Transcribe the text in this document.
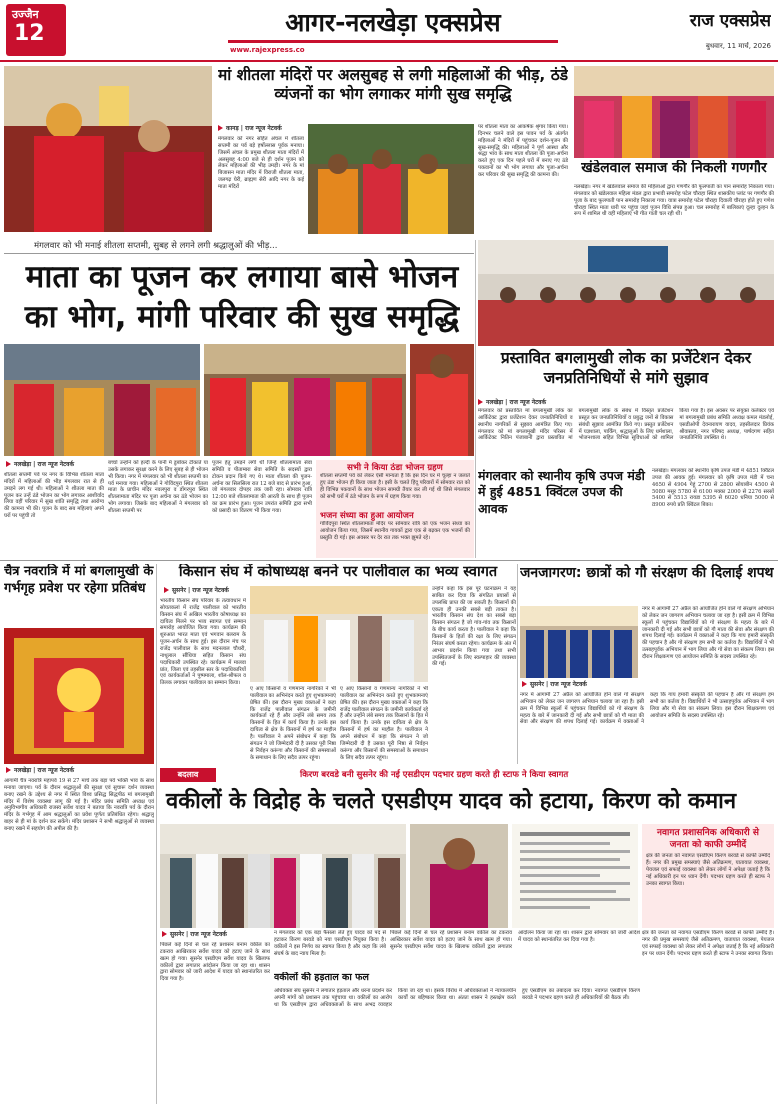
उज्जैन
12	आगर-नलखेड़ा एक्सप्रेस
www.rajexpress.co
राज एक्सप्रेस
बुधवार, 11 मार्च, 2026
मां शीतला मंदिरों पर अलसुबह से लगी महिलाओं की भीड़, ठंडे व्यंजनों का भोग लगाकर मांगी सुख समृद्धि
कानड़ | राज न्यूज नेटवर्क
मंगलवार को नगर सहित अंचल में शीतला सप्तमी का पर्व बड़े हर्षोल्लास पूर्वक मनाया। जिसमें अंचल के प्रमुख शीतला माता मंदिरों में अलसुबह 4:00 बजे से ही दर्शन पूजन को लेकर महिलाओं की भीड़ उमड़ी। नगर के मां बिजासन माता मंदिर में विराजी शीतला माता, जलगढ़ घेरी, ब्राह्मण सेरी आदि नगर के कई माता मंदिरों
पर शीतला माता का आकर्षक श्रृंगार किया गया। दिनभर चलने वाले इस पावन पर्व के अंतर्गत महिलाओं ने मंदिरों में पहुंचकर दर्शन-पूजन की सुख-समृद्धि की। महिलाओं ने पूर्ण आस्था और श्रद्धा भाव के साथ माता शीतला की पूजा-अर्चना करते हुए एक दिन पहले घरों में बनाए गए ठंडे पकवानों का भी भोग लगाया और पूजा-अर्चना कर परिवार की सुख समृद्धि की कामना की।	खंडेलवाल समाज की निकली गणगौर
नलखेड़ा। नगर में खंडेलवाल समाज की महिलाओं द्वारा गणगौर की फूलपाती का पान समारोह निकाला गया। मंगलवार को खंडेलवाल महिला मंडल द्वारा प्रभावी समारोह पटेल चौराहा स्थित शासकीय प्लांट पर गणगौर की पूजा के बाद फूलपाती पान समारोह निकाला गया। यात्रा समारोह पटेल चौराहा दिवाली चौराहा होते हुए गणेश चौराहा स्थित माता धारी पर पहुंचा जहां पूजन विधि संपन्न हुआ। चल समारोह में बालिकाएं दूल्हा दुल्हन के रूप में शामिल थी वहीं महिलाएं भी गीत गाती चल रही थीं।
मंगलवार को भी मनाई शीतला सप्तमी, सुबह से लगने लगी श्रद्धालुओं की भीड़...
माता का पूजन कर लगाया बासे भोजन का भोग, मांगी परिवार की सुख समृद्धि
नलखेड़ा | राज न्यूज नेटवर्क
शीतला सप्तमी पर्व पर नगर के विभिन्न शीतला माता मंदिरों में महिलाओं की भीड़ मंगलवार रात से ही उमड़ने लग गई थी। महिलाओं ने शीतला माता की पूजन कर उन्हें ठंडे भोजन का भोग लगाकर आशीर्वाद लिया वहीं परिवार में सुख शांति समृद्धि तथा आरोग्य की कामना भी की। पूजन के बाद सब महिलाएं अपने घरों पर पहुंची तो
बच्चों उन्होंने को हल्दी के पानी में डुबोकर टीकाते या उसके लगाकर सुरक्षा करने के लिए सुबह से ही भोजन भी किया। नगर में मंगलवार को भी शीतला सप्तमी का पर्व मनाया गया। महिलाओं ने गोविंदपुरा स्थित शीतला माता के प्राचीन मंदिर नवलपुरा व डोंगरपुरा स्थित शीतलामाता मंदिर पर पूजा अर्चना कर ठंडे भोजन का भोग लगाया। जिसके बाद महिलाओं ने मंगलवार को शीतला सप्तमी पर
पूजन हेतु उमड़ने लगी थीं जिन्हें शीतलामाता सेवा समिति व पीताम्बरा सेवा समिति के सदस्यों द्वारा टोकन प्रदान किये गए थे। माता शीतला की पूजन-अर्चना का सिलसिला रात 12 बजे बाद से प्रारंभ हुआ, जो मंगलवार दोपहर तक जारी रहा। सोमवार रात्रि 12:00 बजे शीतलामाता की आरती के साथ ही पूजन का क्रम प्रारंभ हुआ। पूजन उपरांत समिति द्वारा सभी को प्रसादी का वितरण भी किया गया।
सभी ने किया ठंडा भोजन ग्रहण
शीतला सप्तमी पर्व को लेकर ऐसी मान्यता है कि इस दिन घर में चूल्हा न जलाते हुए ठंडा भोजन ही किया जाता है। इसी के चलते हिंदू परिवारों में सोमवार रात को ही विभिन्न पकवानों के साथ भोजन सामग्री तैयार कर ली गई थी जिसे मंगलवार को सभी घरों में ठंडे भोजन के रूप में ग्रहण किया गया।
भजन संध्या का हुआ आयोजन
गोविंदपुरा स्थित शीतलामाता मंदिर पर सोमवार रात्रि को एक भजन संध्या का आयोजन किया गया, जिसमें स्थानीय गायकों द्वारा एक से बढ़कर एक भजनों की प्रस्तुति दी गई। इस अवसर पर देर रात तक भक्त झूमते रहे।
प्रस्तावित बगलामुखी लोक का प्रजेंटेशन देकर जनप्रतिनिधियों से मांगे सुझाव
नलखेड़ा | राज न्यूज नेटवर्क
मंगलवार को प्रस्तावित मां बगलामुखी लोक का आर्किटेक्ट द्वारा प्रजेंटेशन देकर जनप्रतिनिधियों व स्थानीय नागरिकों से सुझाव आमंत्रित किए गए। मंगलवार को मां बगलामुखी मंदिर परिसर में आर्किटेक्ट नितिन पंजाबानी द्वारा प्रस्तावित मां बगलामुखी लोक के संबंध में विस्तृत प्रजेंटेशन प्रस्तुत कर जनप्रतिनिधियों व प्रबुद्ध जनों से विकास संबंधी सुझाव आमंत्रित किये गए। प्रस्तुत प्रजेंटेशन में यज्ञशाला, पार्किंग, श्रद्धालुओं के लिए धर्मशाला, भोजनशाला सहित विभिन्न सुविधाओं को शामिल किया गया है। इस अवसर पर संयुक्त कलेक्टर एवं मां बगलामुखी प्रबंध समिति अध्यक्ष कमल मंडलोई, एसडीओपी देवनारायण यादव, तहसीलदार प्रियंक श्रीवास्तव, नगर परिषद अध्यक्ष, पार्षदगण सहित जनप्रतिनिधि उपस्थित थे।
मंगलवार को स्थानीय कृषि उपज मंडी में हुई 4851 क्विंटल उपज की आवक
नलखेड़ा। मंगलवार को स्थानीय कृषि उपज मंडी में 4851 क्विंटल उपज की आवक हुई। मंगलवार को कृषि उपज मंडी में चना 4650 से 4904 गेहूं 2700 से 2800 सोयाबीन 4500 से 5080 मसूर 5780 से 6100 मक्का 2000 से 2276 सरसों 5400 से 5513 रायडा 5395 से 6020 धनिया 5000 से 8900 रुपये प्रति क्विंटल बिका।
चैत्र नवरात्रि में मां बगलामुखी के गर्भगृह प्रवेश पर रहेगा प्रतिबंध
नलखेड़ा | राज न्यूज नेटवर्क
आगामी चैत्र नवरात्रि महापर्व 19 से 27 मार्च तक बड़ा पर्व भक्ति भाव के साथ मनाया जाएगा। पर्व के दौरान श्रद्धालुओं की सुरक्षा एवं सुचारू दर्शन व्यवस्था बनाए रखने के उद्देश्य से नगर में स्थित विश्व प्रसिद्ध सिद्धपीठ मां बगलामुखी मंदिर में विशेष व्यवस्था लागू की गई है। मंदिर प्रबंध समिति अध्यक्ष एवं अनुविभागीय अधिकारी राजस्व सर्वेश यादव ने बताया कि नवरात्रि पर्व के दौरान मंदिर के गर्भगृह में आम श्रद्धालुओं का प्रवेश पूर्णतः प्रतिबंधित रहेगा। श्रद्धालु बाहर से ही मां के दर्शन कर सकेंगे। मंदिर प्रशासन ने सभी श्रद्धालुओं से व्यवस्था बनाए रखने में सहयोग की अपील की है।
किसान संघ में कोषाध्यक्ष बनने पर पालीवाल का भव्य स्वागत
सुसनेर | राज न्यूज नेटवर्क
भारतीय किसान संघ परिवार के तत्वावधान में सोयतकलां में राजेंद्र पालीवाल को भारतीय किसान संघ में अखिल भारतीय कोषाध्यक्ष का दायित्व मिलने पर भव्य स्वागत एवं सम्मान समारोह आयोजित किया गया। कार्यक्रम की शुरुआत भारत माता एवं भगवान बलराम के पूजन-अर्चन के साथ हुई। इस दौरान मंच पर राजेंद्र पालीवाल के साथ मदनलाल चौधरी, नाथूलाल सौंधिया सहित किसान संघ पदाधिकारी उपस्थित रहे। कार्यक्रम में मालवा प्रांत, जिला एवं तहसील स्तर के पदाधिकारियों एवं कार्यकर्ताओं ने पुष्पमाला, शॉल-श्रीफल व तिलक लगाकर पालीवाल का सम्मान किया।
ए आए किसानों व गणमान्य नागरिकों ने भी पालीवाल का अभिनंदन करते हुए शुभकामनाएं प्रेषित कीं। इस दौरान मुख्य वक्ताओं ने कहा कि राजेंद्र पालीवाल संगठन के जमीनी कार्यकर्ता रहे हैं और उन्होंने लंबे समय तक किसानों के हित में कार्य किया है। उनके इस दायित्व से क्षेत्र के किसानों में हर्ष का माहौल है। पालीवाल ने अपने संबोधन में कहा कि संगठन ने जो जिम्मेदारी दी है उसका पूरी निष्ठा से निर्वहन करूंगा और किसानों की समस्याओं के समाधान के लिए सदैव तत्पर रहूंगा।
ए आए किसानों व गणमान्य नागरिकों ने भी पालीवाल का अभिनंदन करते हुए शुभकामनाएं प्रेषित कीं। इस दौरान मुख्य वक्ताओं ने कहा कि राजेंद्र पालीवाल संगठन के जमीनी कार्यकर्ता रहे हैं और उन्होंने लंबे समय तक किसानों के हित में कार्य किया है। उनके इस दायित्व से क्षेत्र के किसानों में हर्ष का माहौल है। पालीवाल ने अपने संबोधन में कहा कि संगठन ने जो जिम्मेदारी दी है उसका पूरी निष्ठा से निर्वहन करूंगा और किसानों की समस्याओं के समाधान के लिए सदैव तत्पर रहूंगा।
उन्होंने कहा कि इस पूरे घटनाक्रम ने यह साबित कर दिया कि संगठित प्रयासों से उपलब्धि प्राप्त की जा सकती है। किसानों की एकता ही उनकी सबसे बड़ी ताकत है। भारतीय किसान संघ देश का सबसे बड़ा किसान संगठन है जो गांव-गांव तक किसानों के बीच कार्य करता है। पालीवाल ने कहा कि किसानों के हितों की रक्षा के लिए संगठन निरंतर संघर्ष करता रहेगा। कार्यक्रम के अंत में आभार प्रदर्शन किया गया तथा सभी उपस्थितजनों के लिए स्वल्पाहार की व्यवस्था की गई।
जनजागरण: छात्रों को गौ संरक्षण की दिलाई शपथ
सुसनेर | राज न्यूज नेटवर्क
नगर में आगामी 27 अप्रैल को आयोजित होने वाले गो संरक्षण अभियान को लेकर जन जागरण अभियान चलाया जा रहा है। इसी क्रम में विभिन्न स्कूलों में पहुंचकर विद्यार्थियों को गो संरक्षण के महत्व के बारे में जानकारी दी गई और सभी छात्रों को गौ माता की सेवा और संरक्षण की शपथ दिलाई गई। कार्यक्रम में वक्ताओं ने कहा कि गाय हमारी संस्कृति की पहचान है और गो संरक्षण हम सभी का कर्तव्य है। विद्यार्थियों ने भी उत्साहपूर्वक अभियान में भाग लिया और गो सेवा का संकल्प लिया। इस दौरान शिक्षकगण एवं आयोजन समिति के सदस्य उपस्थित रहे।
नगर में आगामी 27 अप्रैल को आयोजित होने वाले गो संरक्षण अभियान को लेकर जन जागरण अभियान चलाया जा रहा है। इसी क्रम में विभिन्न स्कूलों में पहुंचकर विद्यार्थियों को गो संरक्षण के महत्व के बारे में जानकारी दी गई और सभी छात्रों को गौ माता की सेवा और संरक्षण की शपथ दिलाई गई। कार्यक्रम में वक्ताओं ने कहा कि गाय हमारी संस्कृति की पहचान है और गो संरक्षण हम सभी का कर्तव्य है। विद्यार्थियों ने भी उत्साहपूर्वक अभियान में भाग लिया और गो सेवा का संकल्प लिया। इस दौरान शिक्षकगण एवं आयोजन समिति के सदस्य उपस्थित रहे।
बदलाव	किरण बरवडे बनी सुसनेर की नई एसडीएम पदभार ग्रहण करते ही स्टाफ ने किया स्वागत
वकीलों के विद्रोह के चलते एसडीएम यादव को हटाया, किरण को कमान
नवागत प्रशासनिक अधिकारी से जनता को काफी उम्मीदें
क्षेत्र की जनता को नवागत एसडीएम किरण बरवडे से काफी उम्मीदें हैं। नगर की प्रमुख समस्याएं जैसे अतिक्रमण, यातायात व्यवस्था, पेयजल एवं सफाई व्यवस्था को लेकर लोगों ने अपेक्षा जताई है कि नई अधिकारी इन पर ध्यान देंगी। पदभार ग्रहण करते ही स्टाफ ने उनका स्वागत किया।
सुसनेर | राज न्यूज नेटवर्क
पिछले कई दिनों से चल रहे प्रशासन बनाम वकील का टकराव आखिरकार सर्वेश यादव को हटाए जाने के साथ खत्म हो गया। सुसनेर एसडीएम सर्वेश यादव के खिलाफ वकीलों द्वारा लगातार आंदोलन किया जा रहा था। शासन द्वारा सोमवार को जारी आदेश में यादव को स्थानांतरित कर दिया गया है।
न मंगलवार को एक बड़ा फैसला लेते हुए यादव को पद से हटाकर किरण बरवडे को नया एसडीएम नियुक्त किया है। वकीलों ने इस निर्णय का स्वागत किया है और कहा कि लंबे संघर्ष के बाद न्याय मिला है।
वकीलों की हड़ताल का फल
अधिवक्ता संघ सुसनेर ने लगातार हड़ताल और धरना प्रदर्शन कर अपनी मांगों को प्रशासन तक पहुंचाया था। वकीलों का आरोप था कि एसडीएम द्वारा अधिवक्ताओं के साथ अभद्र व्यवहार किया जा रहा था। इसके विरोध में अधिवक्ताओं ने न्यायालयीन कार्यों का बहिष्कार किया था। अंततः शासन ने हस्तक्षेप करते हुए एसडीएम का तबादला कर दिया। नवागत एसडीएम किरण बरवडे ने पदभार ग्रहण करते ही अधिकारियों की बैठक ली।
पिछले कई दिनों से चल रहे प्रशासन बनाम वकील का टकराव आखिरकार सर्वेश यादव को हटाए जाने के साथ खत्म हो गया। सुसनेर एसडीएम सर्वेश यादव के खिलाफ वकीलों द्वारा लगातार आंदोलन किया जा रहा था। शासन द्वारा सोमवार को जारी आदेश में यादव को स्थानांतरित कर दिया गया है।
क्षेत्र की जनता को नवागत एसडीएम किरण बरवडे से काफी उम्मीदें हैं। नगर की प्रमुख समस्याएं जैसे अतिक्रमण, यातायात व्यवस्था, पेयजल एवं सफाई व्यवस्था को लेकर लोगों ने अपेक्षा जताई है कि नई अधिकारी इन पर ध्यान देंगी। पदभार ग्रहण करते ही स्टाफ ने उनका स्वागत किया।
